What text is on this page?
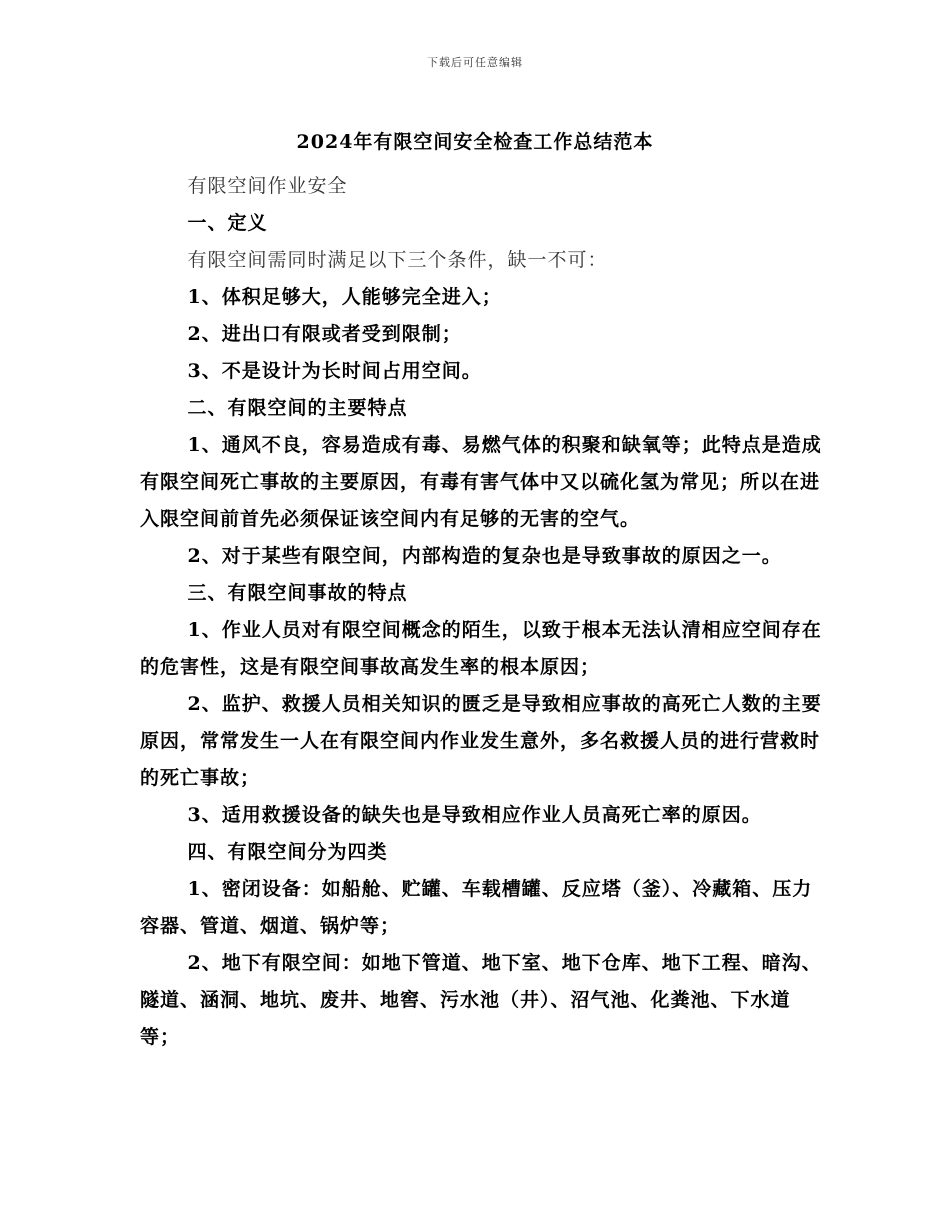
下载后可任意编辑
2024年有限空间安全检查工作总结范本

有限空间作业安全

一、定义

有限空间需同时满足以下三个条件，缺一不可：

1、体积足够大，人能够完全进入；

2、进出口有限或者受到限制；

3、不是设计为长时间占用空间。

二、有限空间的主要特点

1、通风不良，容易造成有毒、易燃气体的积聚和缺氧等；此特点是造成有限空间死亡事故的主要原因，有毒有害气体中又以硫化氢为常见；所以在进入限空间前首先必须保证该空间内有足够的无害的空气。

2、对于某些有限空间，内部构造的复杂也是导致事故的原因之一。

三、有限空间事故的特点

1、作业人员对有限空间概念的陌生，以致于根本无法认清相应空间存在的危害性，这是有限空间事故高发生率的根本原因；

2、监护、救援人员相关知识的匮乏是导致相应事故的高死亡人数的主要原因，常常发生一人在有限空间内作业发生意外，多名救援人员的进行营救时的死亡事故；

3、适用救援设备的缺失也是导致相应作业人员高死亡率的原因。

四、有限空间分为四类

1、密闭设备：如船舱、贮罐、车载槽罐、反应塔（釜）、冷藏箱、压力容器、管道、烟道、锅炉等；

2、地下有限空间：如地下管道、地下室、地下仓库、地下工程、暗沟、隧道、涵洞、地坑、废井、地窖、污水池（井）、沼气池、化粪池、下水道等；
